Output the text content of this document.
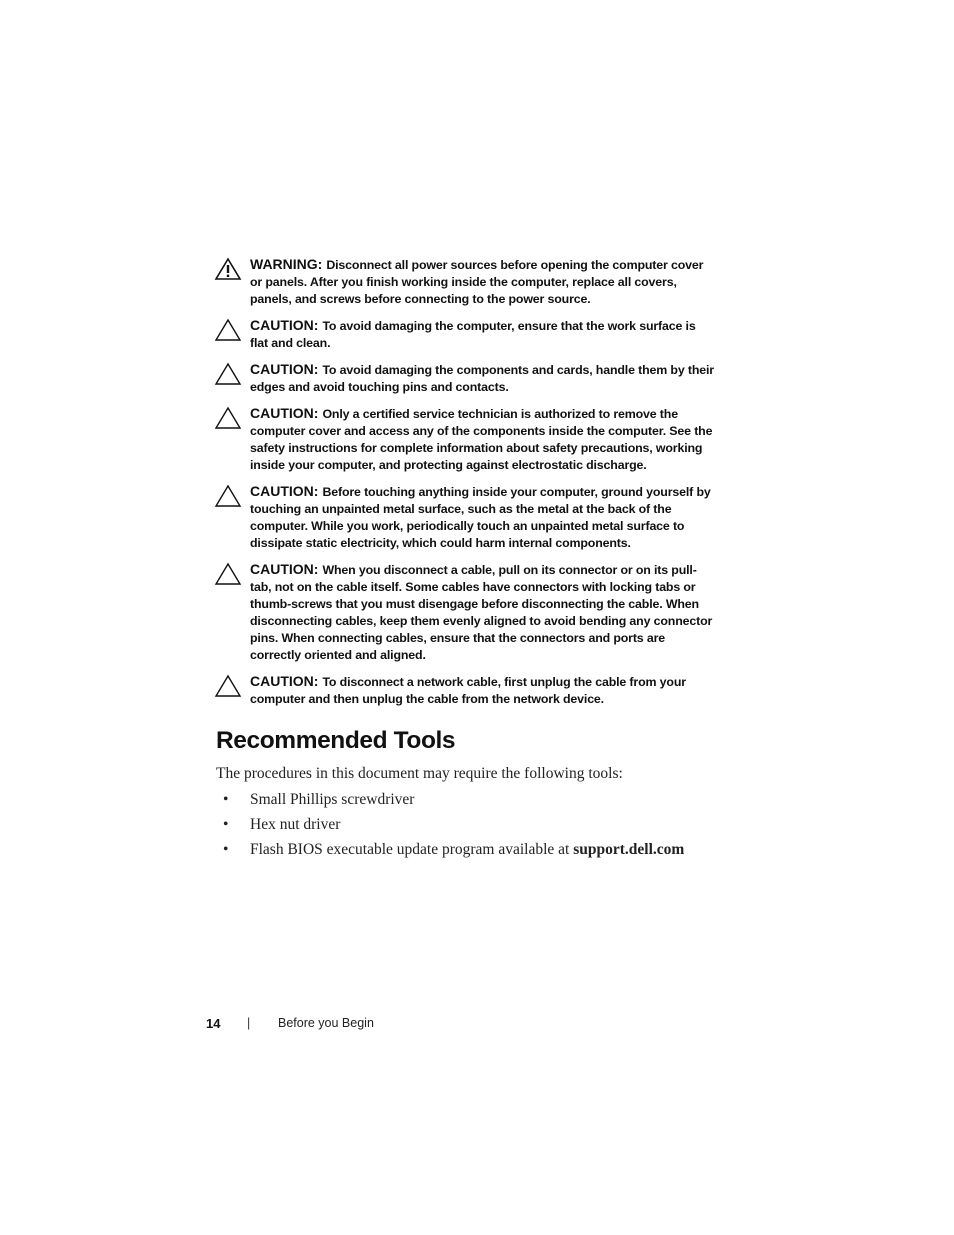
WARNING: Disconnect all power sources before opening the computer cover or panels. After you finish working inside the computer, replace all covers, panels, and screws before connecting to the power source.
CAUTION: To avoid damaging the computer, ensure that the work surface is flat and clean.
CAUTION: To avoid damaging the components and cards, handle them by their edges and avoid touching pins and contacts.
CAUTION: Only a certified service technician is authorized to remove the computer cover and access any of the components inside the computer. See the safety instructions for complete information about safety precautions, working inside your computer, and protecting against electrostatic discharge.
CAUTION: Before touching anything inside your computer, ground yourself by touching an unpainted metal surface, such as the metal at the back of the computer. While you work, periodically touch an unpainted metal surface to dissipate static electricity, which could harm internal components.
CAUTION: When you disconnect a cable, pull on its connector or on its pull-tab, not on the cable itself. Some cables have connectors with locking tabs or thumb-screws that you must disengage before disconnecting the cable. When disconnecting cables, keep them evenly aligned to avoid bending any connector pins. When connecting cables, ensure that the connectors and ports are correctly oriented and aligned.
CAUTION: To disconnect a network cable, first unplug the cable from your computer and then unplug the cable from the network device.
Recommended Tools

The procedures in this document may require the following tools:

• Small Phillips screwdriver
• Hex nut driver
• Flash BIOS executable update program available at support.dell.com
14 | Before you Begin
